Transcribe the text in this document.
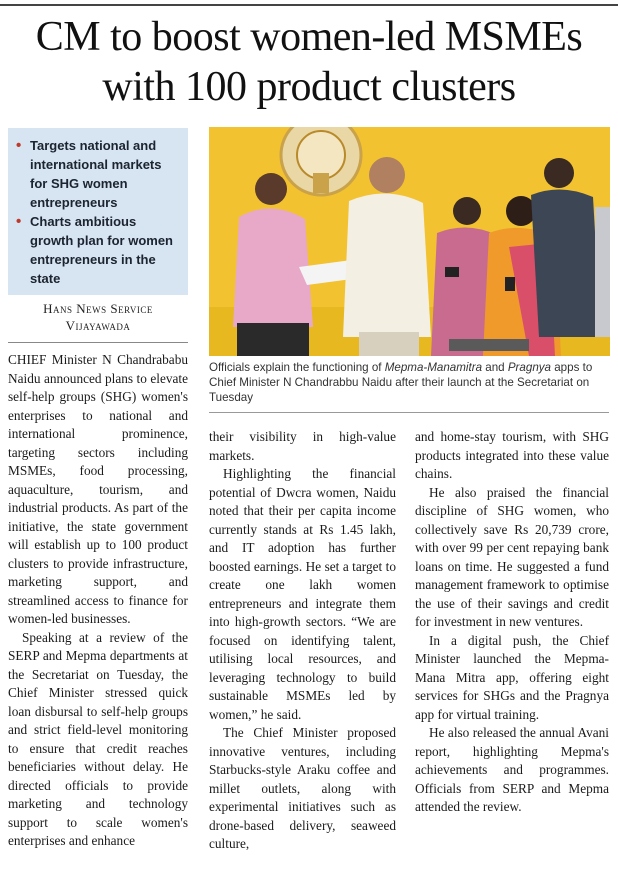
CM to boost women-led MSMEs
with 100 product clusters
• Targets national and international markets for SHG women entrepreneurs
• Charts ambitious growth plan for women entrepreneurs in the state
Hans News Service
Vijayawada
Officials explain the functioning of Mepma-Manamitra and Pragnya apps to Chief Minister N Chandrabbu Naidu after their launch at the Secretariat on Tuesday

CHIEF Minister N Chandrababu Naidu announced plans to elevate self-help groups (SHG) women's enterprises to national and international prominence, targeting sectors including MSMEs, food processing, aquaculture, tourism, and industrial products. As part of the initiative, the state government will establish up to 100 product clusters to provide infrastructure, marketing support, and streamlined access to finance for women-led businesses.

Speaking at a review of the SERP and Mepma departments at the Secretariat on Tuesday, the Chief Minister stressed quick loan disbursal to self-help groups and strict field-level monitoring to ensure that credit reaches beneficiaries without delay. He directed officials to provide marketing and technology support to scale women's enterprises and enhance

their visibility in high-value markets.

Highlighting the financial potential of Dwcra women, Naidu noted that their per capita income currently stands at Rs 1.45 lakh, and IT adoption has further boosted earnings. He set a target to create one lakh women entrepreneurs and integrate them into high-growth sectors. “We are focused on identifying talent, utilising local resources, and leveraging technology to build sustainable MSMEs led by women,” he said.

The Chief Minister proposed innovative ventures, including Starbucks-style Araku coffee and millet outlets, along with experimental initiatives such as drone-based delivery, seaweed culture,

and home-stay tourism, with SHG products integrated into these value chains.

He also praised the financial discipline of SHG women, who collectively save Rs 20,739 crore, with over 99 per cent repaying bank loans on time. He suggested a fund management framework to optimise the use of their savings and credit for investment in new ventures.

In a digital push, the Chief Minister launched the Mepma-Mana Mitra app, offering eight services for SHGs and the Pragnya app for virtual training.

He also released the annual Avani report, highlighting Mepma's achievements and programmes. Officials from SERP and Mepma attended the review.
